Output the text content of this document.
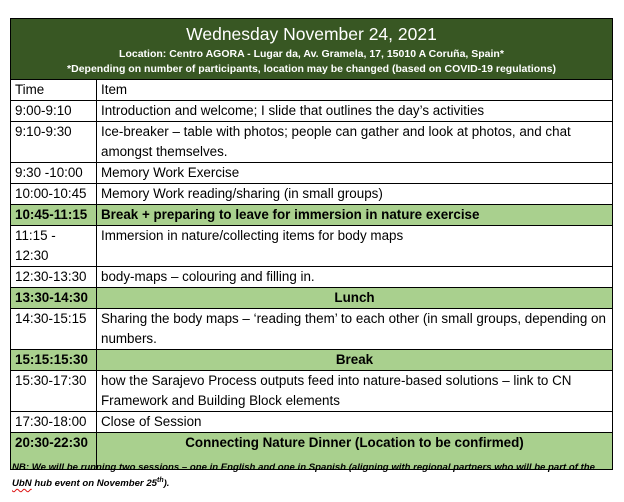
Wednesday November 24, 2021
Location: Centro AGORA - Lugar da, Av. Gramela, 17, 15010 A Coruña, Spain*
*Depending on number of participants, location may be changed (based on COVID-19 regulations)	

Time	Item
9:00-9:10	Introduction and welcome; I slide that outlines the day’s activities
9:10-9:30	Ice-breaker – table with photos; people can gather and look at photos, and chat amongst themselves.
9:30 -10:00	Memory Work Exercise
10:00-10:45	Memory Work reading/sharing (in small groups)
10:45-11:15	Break + preparing to leave for immersion in nature exercise
11:15 - 12:30	Immersion in nature/collecting items for body maps
12:30-13:30	body-maps – colouring and filling in.
13:30-14:30	Lunch
14:30-15:15	Sharing the body maps – ‘reading them’ to each other (in small groups, depending on numbers.
15:15:15:30	Break
15:30-17:30	how the Sarajevo Process outputs feed into nature-based solutions – link to CN Framework and Building Block elements
17:30-18:00	Close of Session
20:30-22:30	Connecting Nature Dinner (Location to be confirmed)
NB: We will be running two sessions – one in English and one in Spanish (aligning with regional partners who will be part of the UbN hub event on November 25th).
